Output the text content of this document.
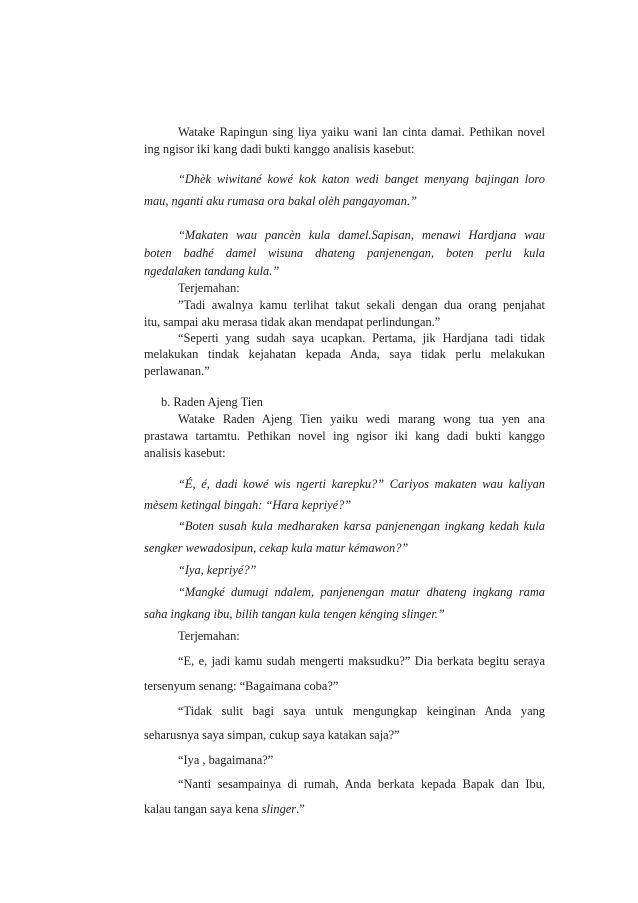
Watake Rapingun sing liya yaiku wani lan cinta damai. Pethikan novel
ing ngisor iki kang dadi bukti kanggo analisis kasebut:
“Dhèk wiwitané kowé kok katon wedi banget menyang bajingan loro
mau, nganti aku rumasa ora bakal olèh pangayoman.”
“Makaten wau pancèn kula damel.Sapisan, menawi Hardjana wau
boten badhé damel wisuna dhateng panjenengan, boten perlu kula
ngedalaken tandang kula.”
Terjemahan:
”Tadi awalnya kamu terlihat takut sekali dengan dua orang penjahat
itu, sampai aku merasa tidak akan mendapat perlindungan.”
“Seperti yang sudah saya ucapkan. Pertama, jik Hardjana tadi tidak
melakukan tindak kejahatan kepada Anda, saya tidak perlu melakukan
perlawanan.”
b. Raden Ajeng Tien
Watake Raden Ajeng Tien yaiku wedi marang wong tua yen ana
prastawa tartamtu. Pethikan novel ing ngisor iki kang dadi bukti kanggo
analisis kasebut:
“É, é, dadi kowé wis ngerti karepku?” Cariyos makaten wau kaliyan
mèsem ketingal bingah: “Hara kepriyé?”
“Boten susah kula medharaken karsa panjenengan ingkang kedah kula
sengker wewadosipun, cekap kula matur kémawon?”
“Iya, kepriyé?”
“Mangké dumugi ndalem, panjenengan matur dhateng ingkang rama
saha ingkang ibu, bilih tangan kula tengen kénging slinger.”
Terjemahan:
“E, e, jadi kamu sudah mengerti maksudku?” Dia berkata begitu seraya
tersenyum senang: “Bagaimana coba?”
“Tidak sulit bagi saya untuk mengungkap keinginan Anda yang
seharusnya saya simpan, cukup saya katakan saja?”
“Iya , bagaimana?”
“Nanti sesampainya di rumah, Anda berkata kepada Bapak dan Ibu,
kalau tangan saya kena slinger.”
